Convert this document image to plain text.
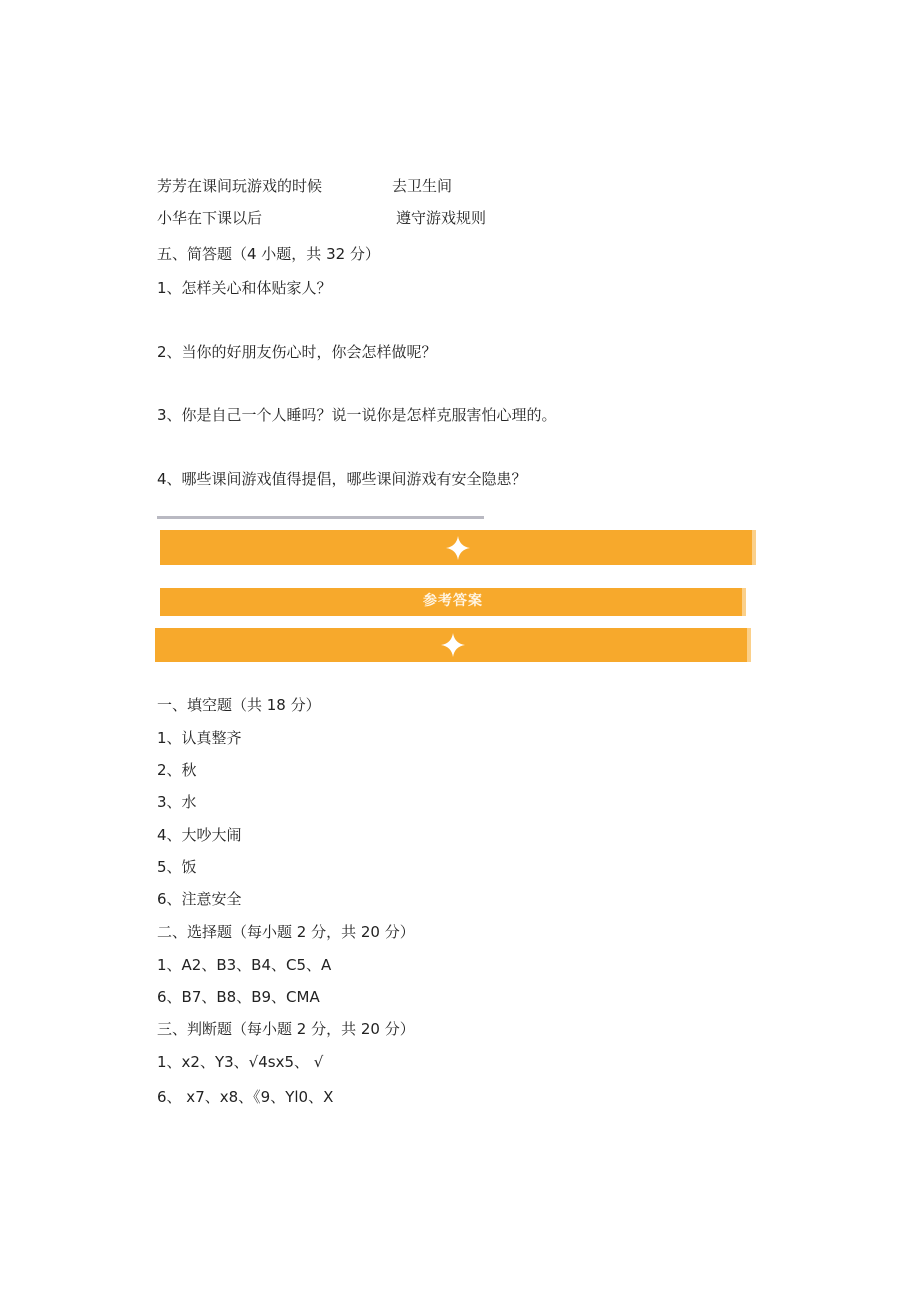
芳芳在课间玩游戏的时候	去卫生间
小华在下课以后	遵守游戏规则
五、简答题（4 小题，共 32 分）
1、怎样关心和体贴家人？
2、当你的好朋友伤心时，你会怎样做呢？
3、你是自己一个人睡吗？说一说你是怎样克服害怕心理的。
4、哪些课间游戏值得提倡，哪些课间游戏有安全隐患？
参考答案
一、填空题（共 18 分）
1、认真整齐
2、秋
3、水
4、大吵大闹
5、饭
6、注意安全
二、选择题（每小题 2 分，共 20 分）
1、A2、B3、B4、C5、A
6、B7、B8、B9、CMA
三、判断题（每小题 2 分，共 20 分）
1、x2、Y3、√4sx5、 √
6、 x7、x8、《9、Yl0、X
